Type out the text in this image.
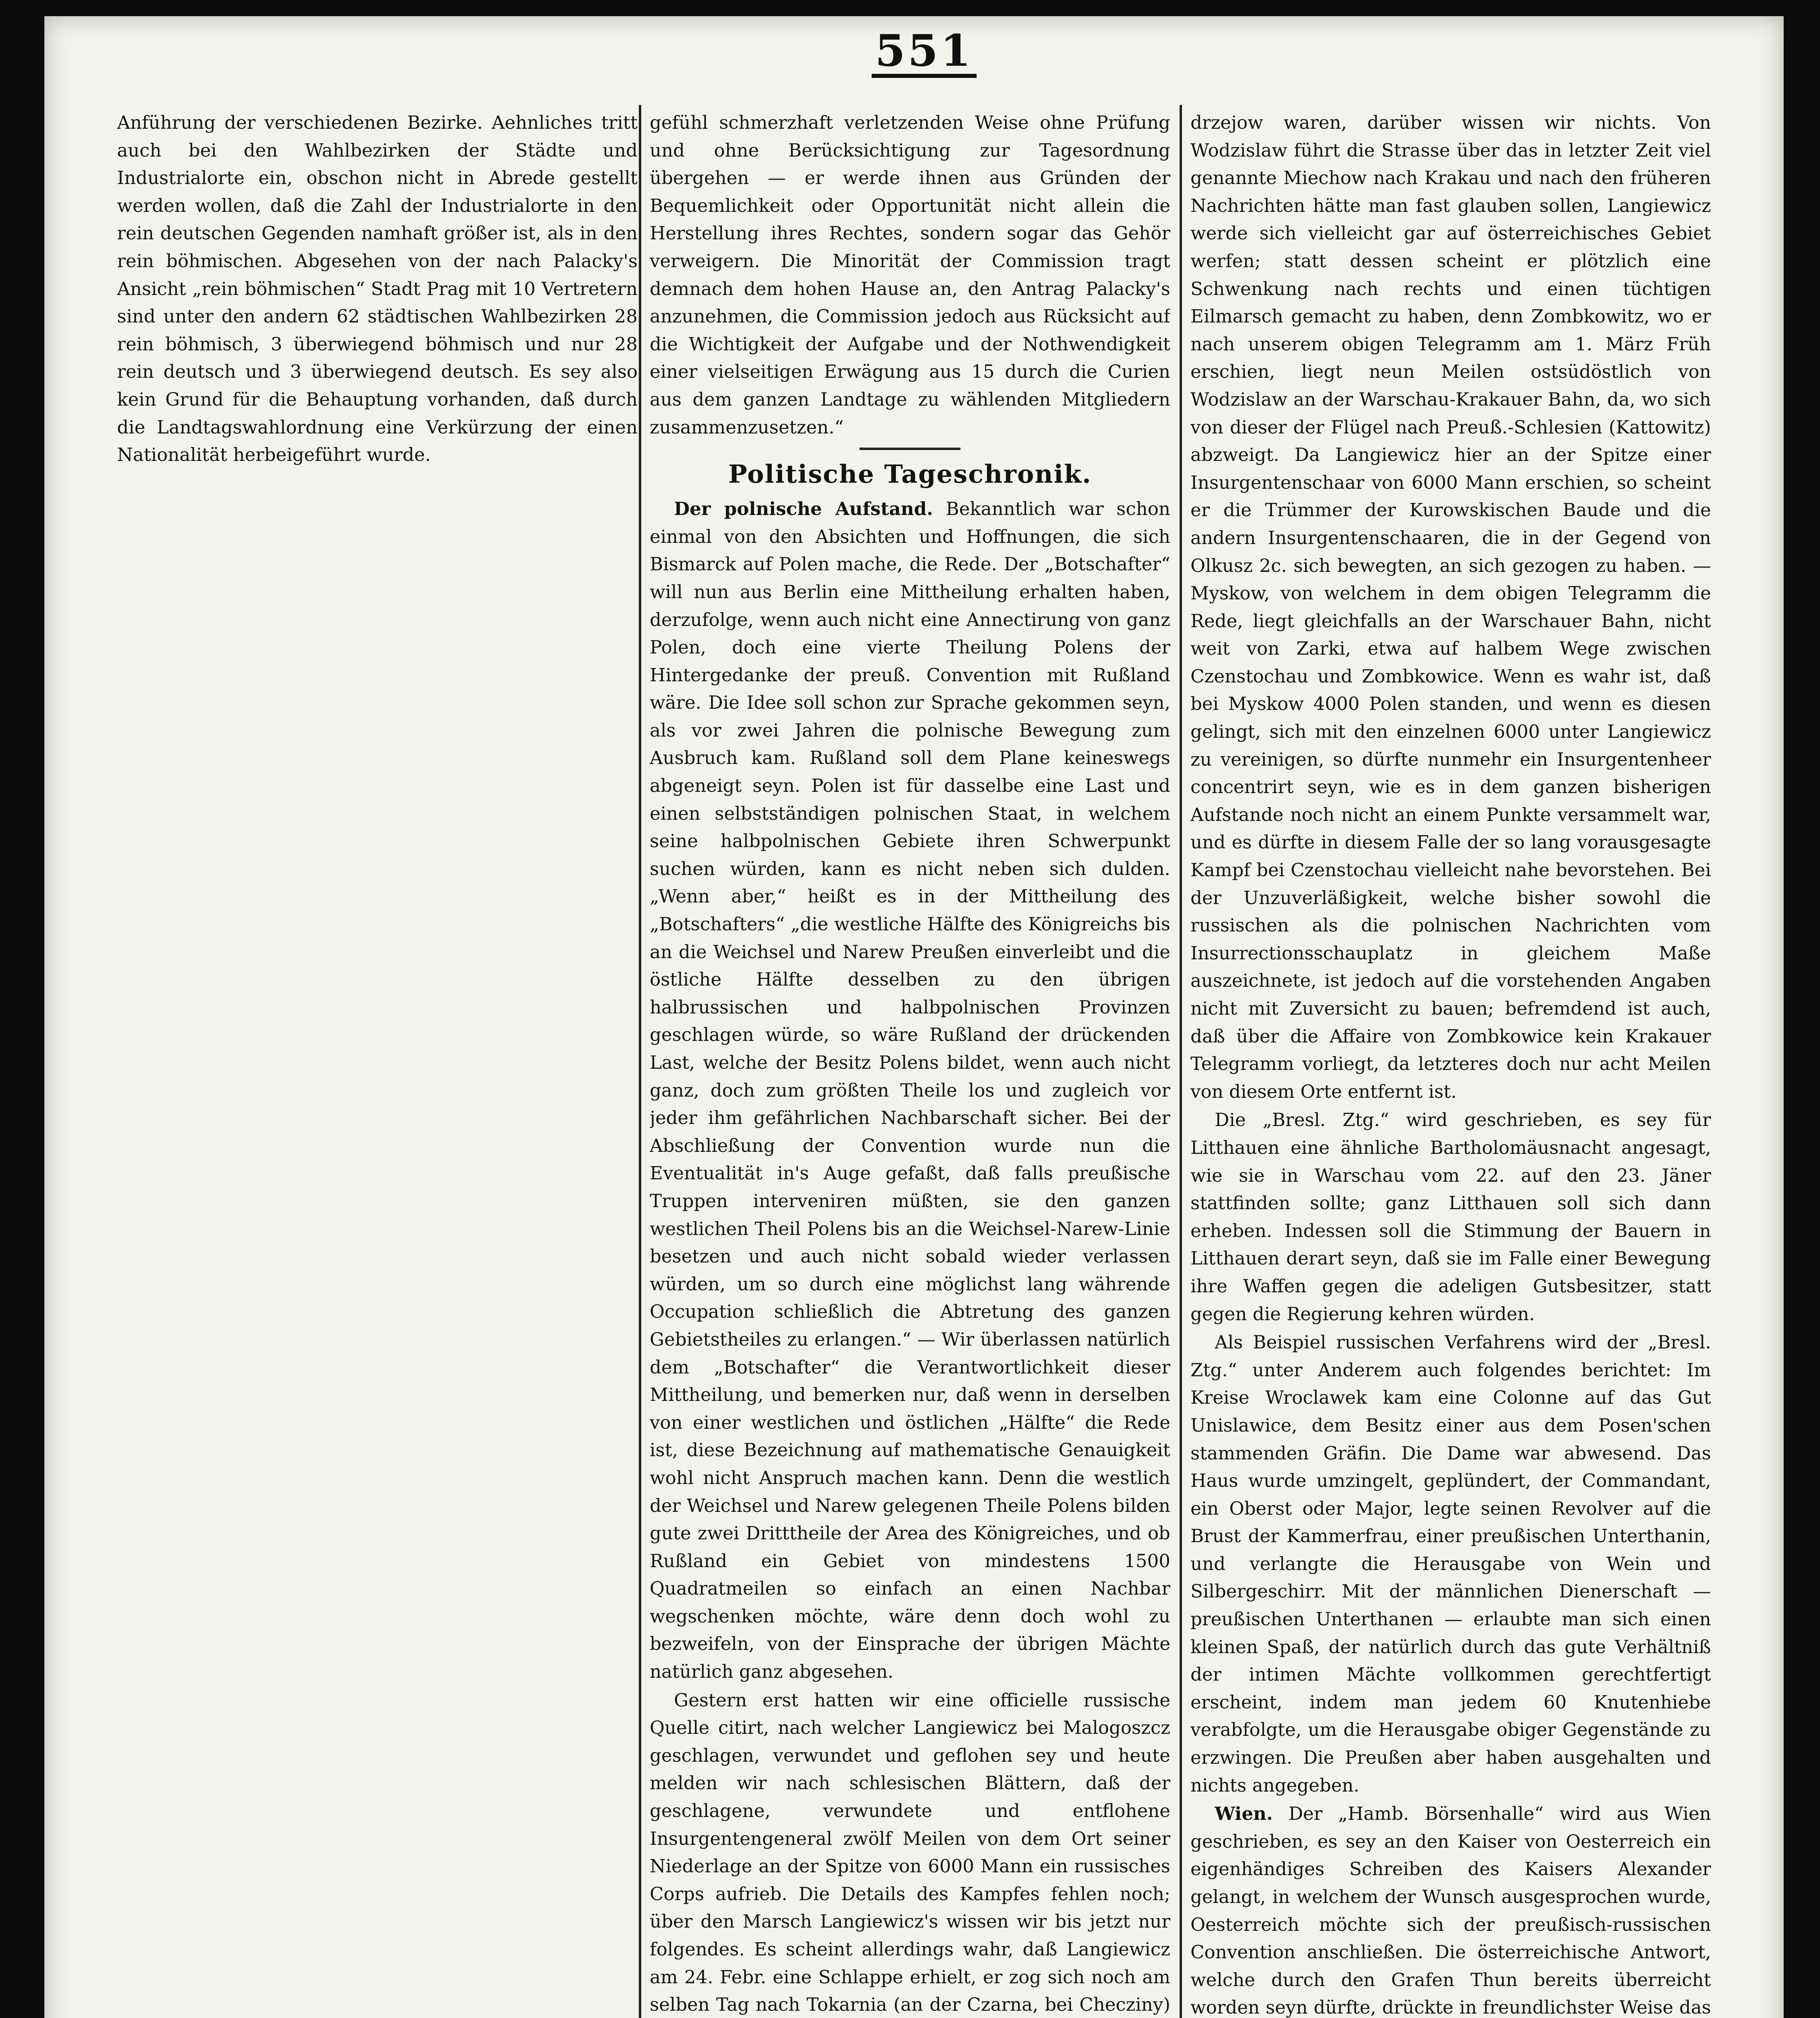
551

Anführung der verschiedenen Bezirke. Aehnliches tritt auch bei den Wahlbezirken der Städte und Industrialorte ein, obschon nicht in Abrede gestellt werden wollen, daß die Zahl der Industrialorte in den rein deutschen Gegenden namhaft größer ist, als in den rein böhmischen. Abgesehen von der nach Palacky's Ansicht „rein böhmischen“ Stadt Prag mit 10 Vertretern sind unter den andern 62 städtischen Wahlbezirken 28 rein böhmisch, 3 überwiegend böhmisch und nur 28 rein deutsch und 3 überwiegend deutsch. Es sey also kein Grund für die Behauptung vorhanden, daß durch die Landtagswahlordnung eine Verkürzung der einen Nationalität herbeigeführt wurde.

gefühl schmerzhaft verletzenden Weise ohne Prüfung und ohne Berücksichtigung zur Tagesordnung übergehen — er werde ihnen aus Gründen der Bequemlichkeit oder Opportunität nicht allein die Herstellung ihres Rechtes, sondern sogar das Gehör verweigern. Die Minorität der Commission tragt demnach dem hohen Hause an, den Antrag Palacky's anzunehmen, die Commission jedoch aus Rücksicht auf die Wichtigkeit der Aufgabe und der Nothwendigkeit einer vielseitigen Erwägung aus 15 durch die Curien aus dem ganzen Landtage zu wählenden Mitgliedern zusammenzusetzen.“

Politische Tageschronik.

Der polnische Aufstand. Bekanntlich war schon einmal von den Absichten und Hoffnungen, die sich Bismarck auf Polen mache, die Rede. Der „Botschafter“ will nun aus Berlin eine Mittheilung erhalten haben, derzufolge, wenn auch nicht eine Annectirung von ganz Polen, doch eine vierte Theilung Polens der Hintergedanke der preuß. Convention mit Rußland wäre. Die Idee soll schon zur Sprache gekommen seyn, als vor zwei Jahren die polnische Bewegung zum Ausbruch kam. Rußland soll dem Plane keineswegs abgeneigt seyn. Polen ist für dasselbe eine Last und einen selbstständigen polnischen Staat, in welchem seine halbpolnischen Gebiete ihren Schwerpunkt suchen würden, kann es nicht neben sich dulden. „Wenn aber,“ heißt es in der Mittheilung des „Botschafters“ „die westliche Hälfte des Königreichs bis an die Weichsel und Narew Preußen einverleibt und die östliche Hälfte desselben zu den übrigen halbrussischen und halbpolnischen Provinzen geschlagen würde, so wäre Rußland der drückenden Last, welche der Besitz Polens bildet, wenn auch nicht ganz, doch zum größten Theile los und zugleich vor jeder ihm gefährlichen Nachbarschaft sicher. Bei der Abschließung der Convention wurde nun die Eventualität in's Auge gefaßt, daß falls preußische Truppen interveniren müßten, sie den ganzen westlichen Theil Polens bis an die Weichsel-Narew-Linie besetzen und auch nicht sobald wieder verlassen würden, um so durch eine möglichst lang währende Occupation schließlich die Abtretung des ganzen Gebietstheiles zu erlangen.“ — Wir überlassen natürlich dem „Botschafter“ die Verantwortlichkeit dieser Mittheilung, und bemerken nur, daß wenn in derselben von einer westlichen und östlichen „Hälfte“ die Rede ist, diese Bezeichnung auf mathematische Genauigkeit wohl nicht Anspruch machen kann. Denn die westlich der Weichsel und Narew gelegenen Theile Polens bilden gute zwei Dritttheile der Area des Königreiches, und ob Rußland ein Gebiet von mindestens 1500 Quadratmeilen so einfach an einen Nachbar wegschenken möchte, wäre denn doch wohl zu bezweifeln, von der Einsprache der übrigen Mächte natürlich ganz abgesehen.

Gestern erst hatten wir eine officielle russische Quelle citirt, nach welcher Langiewicz bei Malogoszcz geschlagen, verwundet und geflohen sey und heute melden wir nach schlesischen Blättern, daß der geschlagene, verwundete und entflohene Insurgentengeneral zwölf Meilen von dem Ort seiner Niederlage an der Spitze von 6000 Mann ein russisches Corps aufrieb. Die Details des Kampfes fehlen noch; über den Marsch Langiewicz's wissen wir bis jetzt nur folgendes. Es scheint allerdings wahr, daß Langiewicz am 24. Febr. eine Schlappe erhielt, er zog sich noch am selben Tag nach Tokarnia (an der Czarna, bei Checziny)

drzejow waren, darüber wissen wir nichts. Von Wodzislaw führt die Strasse über das in letzter Zeit viel genannte Miechow nach Krakau und nach den früheren Nachrichten hätte man fast glauben sollen, Langiewicz werde sich vielleicht gar auf österreichisches Gebiet werfen; statt dessen scheint er plötzlich eine Schwenkung nach rechts und einen tüchtigen Eilmarsch gemacht zu haben, denn Zombkowitz, wo er nach unserem obigen Telegramm am 1. März Früh erschien, liegt neun Meilen ostsüdöstlich von Wodzislaw an der Warschau-Krakauer Bahn, da, wo sich von dieser der Flügel nach Preuß.-Schlesien (Kattowitz) abzweigt. Da Langiewicz hier an der Spitze einer Insurgentenschaar von 6000 Mann erschien, so scheint er die Trümmer der Kurowskischen Baude und die andern Insurgentenschaaren, die in der Gegend von Olkusz 2c. sich bewegten, an sich gezogen zu haben. — Myskow, von welchem in dem obigen Telegramm die Rede, liegt gleichfalls an der Warschauer Bahn, nicht weit von Zarki, etwa auf halbem Wege zwischen Czenstochau und Zombkowice. Wenn es wahr ist, daß bei Myskow 4000 Polen standen, und wenn es diesen gelingt, sich mit den einzelnen 6000 unter Langiewicz zu vereinigen, so dürfte nunmehr ein Insurgentenheer concentrirt seyn, wie es in dem ganzen bisherigen Aufstande noch nicht an einem Punkte versammelt war, und es dürfte in diesem Falle der so lang vorausgesagte Kampf bei Czenstochau vielleicht nahe bevorstehen. Bei der Unzuverläßigkeit, welche bisher sowohl die russischen als die polnischen Nachrichten vom Insurrectionsschauplatz in gleichem Maße auszeichnete, ist jedoch auf die vorstehenden Angaben nicht mit Zuversicht zu bauen; befremdend ist auch, daß über die Affaire von Zombkowice kein Krakauer Telegramm vorliegt, da letzteres doch nur acht Meilen von diesem Orte entfernt ist.

Die „Bresl. Ztg.“ wird geschrieben, es sey für Litthauen eine ähnliche Bartholomäusnacht angesagt, wie sie in Warschau vom 22. auf den 23. Jäner stattfinden sollte; ganz Litthauen soll sich dann erheben. Indessen soll die Stimmung der Bauern in Litthauen derart seyn, daß sie im Falle einer Bewegung ihre Waffen gegen die adeligen Gutsbesitzer, statt gegen die Regierung kehren würden.

Als Beispiel russischen Verfahrens wird der „Bresl. Ztg.“ unter Anderem auch folgendes berichtet: Im Kreise Wroclawek kam eine Colonne auf das Gut Unislawice, dem Besitz einer aus dem Posen'schen stammenden Gräfin. Die Dame war abwesend. Das Haus wurde umzingelt, geplündert, der Commandant, ein Oberst oder Major, legte seinen Revolver auf die Brust der Kammerfrau, einer preußischen Unterthanin, und verlangte die Herausgabe von Wein und Silbergeschirr. Mit der männlichen Dienerschaft — preußischen Unterthanen — erlaubte man sich einen kleinen Spaß, der natürlich durch das gute Verhältniß der intimen Mächte vollkommen gerechtfertigt erscheint, indem man jedem 60 Knutenhiebe verabfolgte, um die Herausgabe obiger Gegenstände zu erzwingen. Die Preußen aber haben ausgehalten und nichts angegeben.

Wien. Der „Hamb. Börsenhalle“ wird aus Wien geschrieben, es sey an den Kaiser von Oesterreich ein eigenhändiges Schreiben des Kaisers Alexander gelangt, in welchem der Wunsch ausgesprochen wurde, Oesterreich möchte sich der preußisch-russischen Convention anschließen. Die österreichische Antwort, welche durch den Grafen Thun bereits überreicht worden seyn dürfte, drückte in freundlichster Weise das
